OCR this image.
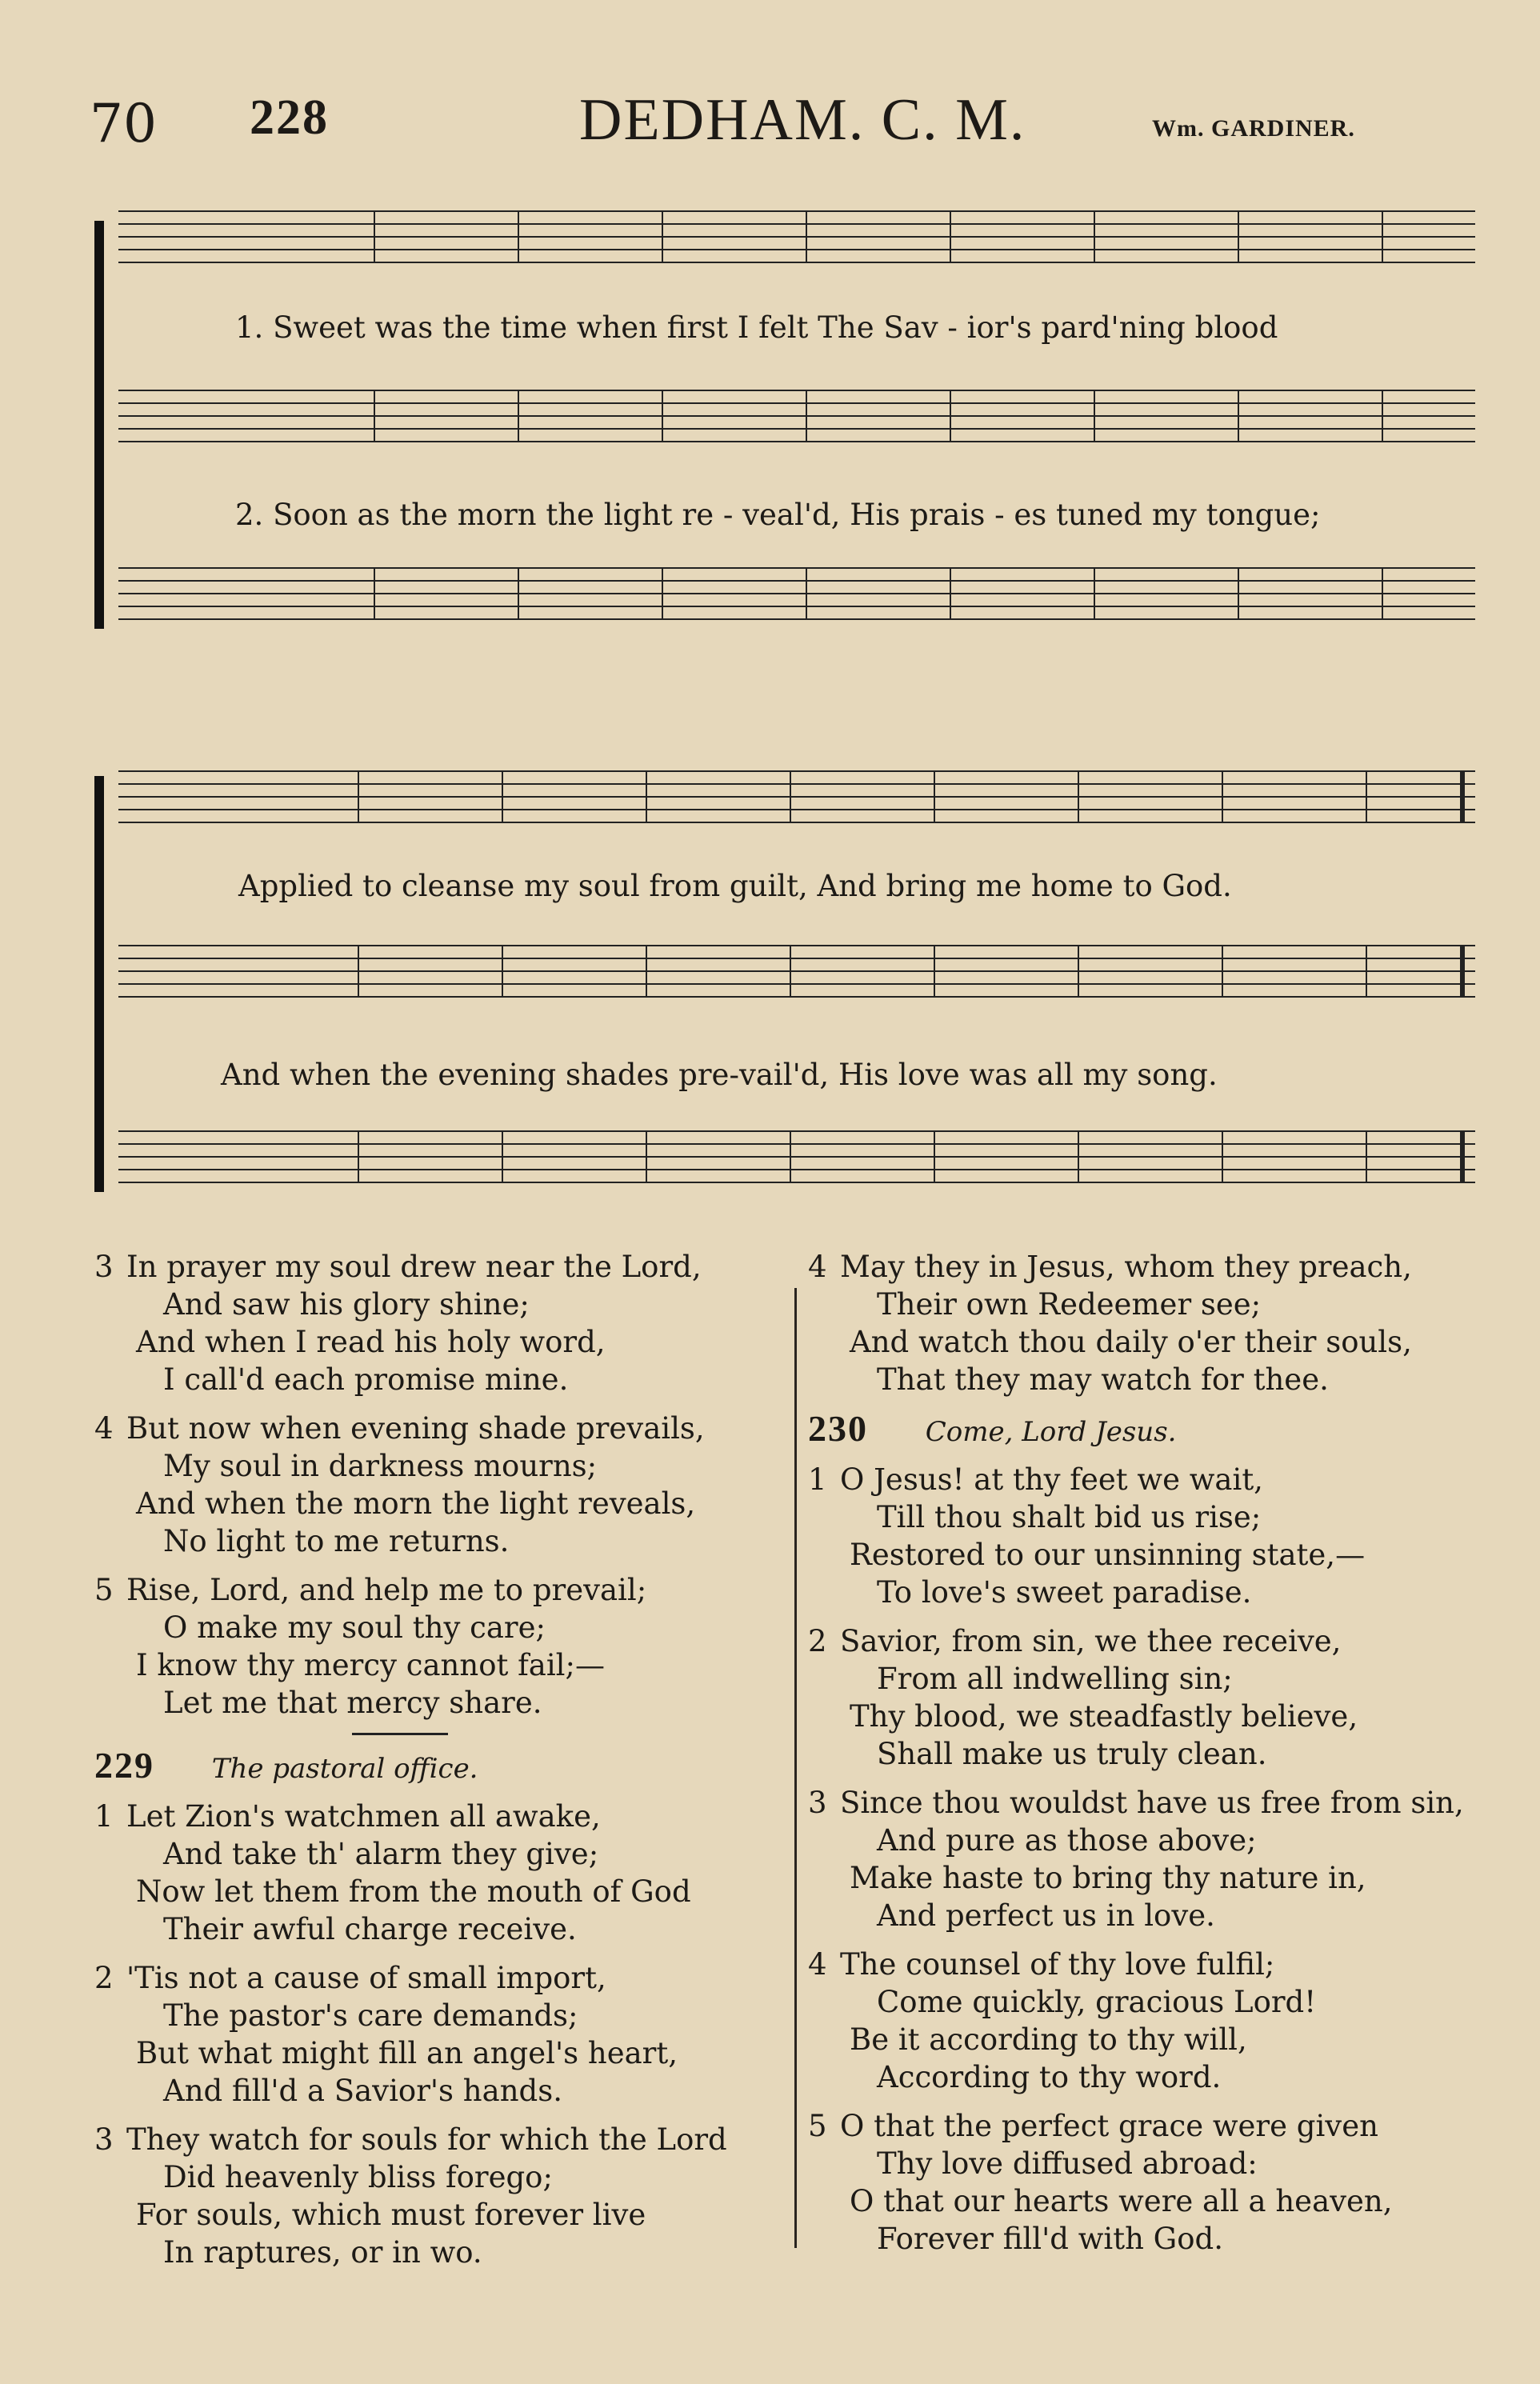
70 228	DEDHAM. C. M.	Wm. GARDINER.
1. Sweet was the time when first I felt The Sav - ior's pard'ning blood
2. Soon as the morn the light re - veal'd, His prais - es tuned my tongue;
Applied to cleanse my soul from guilt, And bring me home to God.
And when the evening shades pre-vail'd, His love was all my song.
3 In prayer my soul drew near the Lord,
And saw his glory shine;
And when I read his holy word,
I call'd each promise mine.
4 But now when evening shade prevails,
My soul in darkness mourns;
And when the morn the light reveals,
No light to me returns.
5 Rise, Lord, and help me to prevail;
O make my soul thy care;
I know thy mercy cannot fail;—
Let me that mercy share.
229 The pastoral office.
1 Let Zion's watchmen all awake,
And take th' alarm they give;
Now let them from the mouth of God
Their awful charge receive.
2 'Tis not a cause of small import,
The pastor's care demands;
But what might fill an angel's heart,
And fill'd a Savior's hands.
3 They watch for souls for which the Lord
Did heavenly bliss forego;
For souls, which must forever live
In raptures, or in wo.
4 May they in Jesus, whom they preach,
Their own Redeemer see;
And watch thou daily o'er their souls,
That they may watch for thee.
230 Come, Lord Jesus.
1 O Jesus! at thy feet we wait,
Till thou shalt bid us rise;
Restored to our unsinning state,—
To love's sweet paradise.
2 Savior, from sin, we thee receive,
From all indwelling sin;
Thy blood, we steadfastly believe,
Shall make us truly clean.
3 Since thou wouldst have us free from sin,
And pure as those above;
Make haste to bring thy nature in,
And perfect us in love.
4 The counsel of thy love fulfil;
Come quickly, gracious Lord!
Be it according to thy will,
According to thy word.
5 O that the perfect grace were given
Thy love diffused abroad:
O that our hearts were all a heaven,
Forever fill'd with God.
